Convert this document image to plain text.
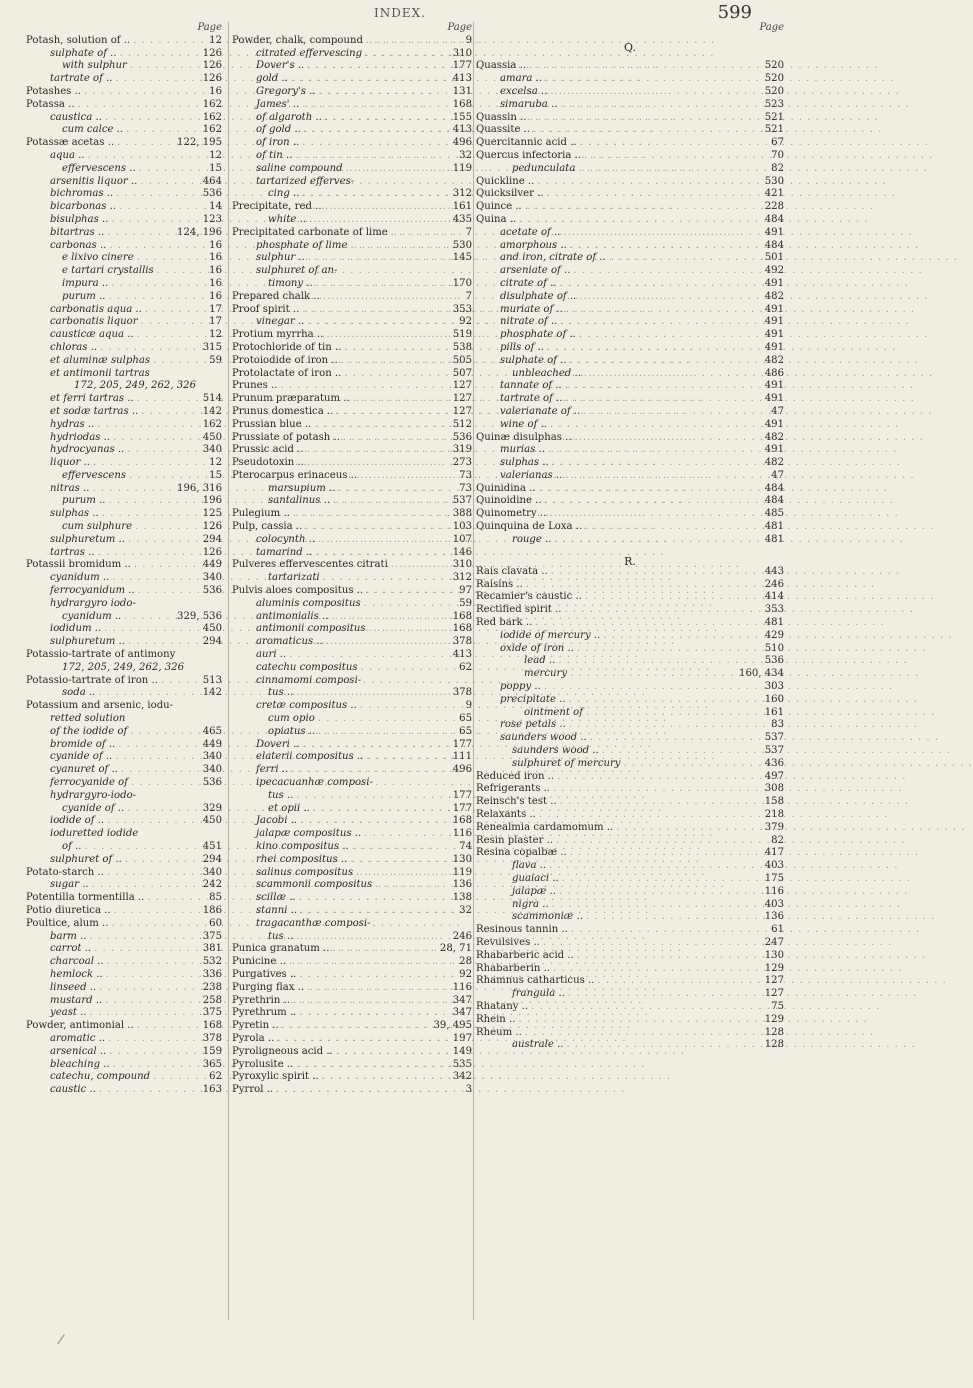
INDEX.	599
Page
Potash, solution of .. . . .	12
sulphate of .. . . .	126
with sulphur . . .	126
tartrate of .. . . .	126
Potashes .. . . .	16
Potassa .. . . .	162
caustica .. . . .	162
cum calce .. . . .	162
Potassæ acetas .. . . .	122, 195
aqua .. . . .	12
effervescens .. . . .	15
arsenitis liquor .. . . .	464
bichromas .. . . .	536
bicarbonas .. . . .	14
bisulphas .. . . .	123
bitartras .. . . .	124, 196
carbonas .. . . .	16
e lixivo cinere . . .	16
e tartari crystallis . . .	16
impura .. . . .	16
purum .. . . .	16
carbonatis aqua .. . . .	17
carbonatis liquor . . .	17
causticæ aqua .. . . .	12
chloras .. . . .	315
et aluminæ sulphas . . .	59
et antimonii tartras
172, 205, 249, 262, 326
et ferri tartras .. . . .	514
et sodæ tartras .. . . .	142
hydras .. . . .	162
hydriodas .. . . .	450
hydrocyanas .. . . .	340
liquor .. . . .	12
effervescens . . .	15
nitras .. . . .	196, 316
purum .. . . .	196
sulphas .. . . .	125
cum sulphure . . .	126
sulphuretum .. . . .	294
tartras .. . . .	126
Potassii bromidum .. . . .	449
cyanidum .. . . .	340
ferrocyanidum .. . . .	536
hydrargyro iodo-
cyanidum .. . . .	329, 536
iodidum .. . . .	450
sulphuretum .. . . .	294
Potassio-tartrate of antimony
172, 205, 249, 262, 326
Potassio-tartrate of iron .. . . .	513
soda .. . . .	142
Potassium and arsenic, iodu-
retted solution
of the iodide of . . .	465
bromide of .. . . .	449
cyanide of .. . . .	340
cyanuret of .. . . .	340
ferrocyanide of . . .	536
hydrargyro-iodo-
cyanide of .. . . .	329
iodide of .. . . .	450
ioduretted iodide
of .. . . .	451
sulphuret of .. . . .	294
Potato-starch .. . . .	340
sugar .. . . .	242
Potentilla tormentilla .. . . .	85
Potio diuretica .. . . .	186
Poultice, alum .. . . .	60
barm .. . . .	375
carrot .. . . .	381
charcoal .. . . .	532
hemlock .. . . .	336
linseed .. . . .	238
mustard .. . . .	258
yeast .. . . .	375
Powder, antimonial .. . . .	168
aromatic .. . . .	378
arsenical .. . . .	159
bleaching .. . . .	365
catechu, compound . . .	62
caustic .. . . .	163
Page
Powder, chalk, compound . . .	9
citrated effervescing . . .	310
Dover's .. . . .	177
gold .. . . .	413
Gregory's .. . . .	131
James' .. . . .	168
of algaroth .. . . .	155
of gold .. . . .	413
of iron .. . . .	496
of tin .. . . .	32
saline compound . . .	119
tartarized efferves-
cing .. . . .	312
Precipitate, red .. . . .	161
white .. . . .	435
Precipitated carbonate of lime . . .	7
phosphate of lime . . .	530
sulphur .. . . .	145
sulphuret of an-
timony .. . . .	170
Prepared chalk .. . . .	7
Proof spirit .. . . .	353
vinegar .. . . .	92
Protium myrrha .. . . .	519
Protochloride of tin .. . . .	538
Protoiodide of iron .. . . .	505
Protolactate of iron .. . . .	507
Prunes .. . . .	127
Prunum præparatum .. . . .	127
Prunus domestica .. . . .	127
Prussian blue .. . . .	512
Prussiate of potash .. . . .	536
Prussic acid .. . . .	319
Pseudotoxin .. . . .	273
Pterocarpus erinaceus .. . . .	73
marsupium .. . . .	73
santalinus .. . . .	537
Pulegium .. . . .	388
Pulp, cassia .. . . .	103
colocynth .. . . .	107
tamarind .. . . .	146
Pulveres effervescentes citrati . . .	310
tartarizati . . .	312
Pulvis aloes compositus .. . . .	97
aluminis compositus . . .	59
antimonialis .. . . .	168
antimonii compositus . . .	168
aromaticus .. . . .	378
auri .. . . .	413
catechu compositus . . .	62
cinnamomi composi-
tus .. . . .	378
cretæ compositus .. . . .	9
cum opio . . .	65
opiatus .. . . .	65
Doveri .. . . .	177
elaterii compositus .. . . .	111
ferri .. . . .	496
ipecacuanhæ composi-
tus .. . . .	177
et opii .. . . .	177
Jacobi .. . . .	168
jalapæ compositus .. . . .	116
kino compositus .. . . .	74
rhei compositus .. . . .	130
salinus compositus . . .	119
scammonii compositus . . .	136
scillæ .. . . .	138
stanni .. . . .	32
tragacanthæ composi-
tus .. . . .	246
Punica granatum .. . . .	28, 71
Punicine .. . . .	28
Purgatives .. . . .	92
Purging flax .. . . .	116
Pyrethrin .. . . .	347
Pyrethrum .. . . .	347
Pyretin .. . . .	39, 495
Pyrola .. . . .	197
Pyroligneous acid .. . . .	149
Pyrolusite .. . . .	535
Pyroxylic spirit .. . . .	342
Pyrrol .. . . .	3
Page
Q.
Quassia .. . . .	520
amara .. . . .	520
excelsa .. . . .	520
simaruba .. . . .	523
Quassin .. . . .	521
Quassite .. . . .	521
Quercitannic acid .. . . .	67
Quercus infectoria .. . . .	70
pedunculata . . .	82
Quickline .. . . .	530
Quicksilver .. . . .	421
Quince .. . . .	228
Quina .. . . .	484
acetate of .. . . .	491
amorphous .. . . .	484
and iron, citrate of .. . . .	501
arseniate of .. . . .	492
citrate of .. . . .	491
disulphate of .. . . .	482
muriate of .. . . .	491
nitrate of .. . . .	491
phosphate of .. . . .	491
pills of .. . . .	491
sulphate of .. . . .	482
unbleached .. . . .	486
tannate of .. . . .	491
tartrate of .. . . .	491
valerianate of .. . . .	47
wine of .. . . .	491
Quinæ disulphas .. . . .	482
murias .. . . .	491
sulphas .. . . .	482
valerianas .. . . .	47
Quinidina .. . . .	484
Quinoidine .. . . .	484
Quinometry .. . . .	485
Quinquina de Loxa .. . . .	481
rouge .. . . .	481
R.
Rais clavata .. . . .	443
Raisins .. . . .	246
Recamier's caustic .. . . .	414
Rectified spirit .. . . .	353
Red bark .. . . .	481
iodide of mercury .. . . .	429
oxide of iron .. . . .	510
lead .. . . .	536
mercury . . .	160, 434
poppy .. . . .	303
precipitate .. . . .	160
ointment of . . .	161
rose petals .. . . .	83
saunders wood .. . . .	537
saunders wood .. . . .	537
sulphuret of mercury . . .	436
Reduced iron .. . . .	497
Refrigerants .. . . .	308
Reinsch's test .. . . .	158
Relaxants .. . . .	218
Renealmia cardamomum .. . . .	379
Resin plaster .. . . .	82
Resina copaibæ .. . . .	417
flava .. . . .	403
guaiaci .. . . .	175
jalapæ .. . . .	116
nigra .. . . .	403
scammoniæ .. . . .	136
Resinous tannin .. . . .	61
Revulsives .. . . .	247
Rhabarberic acid .. . . .	130
Rhabarberin .. . . .	129
Rhamnus catharticus .. . . .	127
frangula .. . . .	127
Rhatany .. . . .	75
Rhein .. . . .	129
Rheum .. . . .	128
australe .. . . .	128
